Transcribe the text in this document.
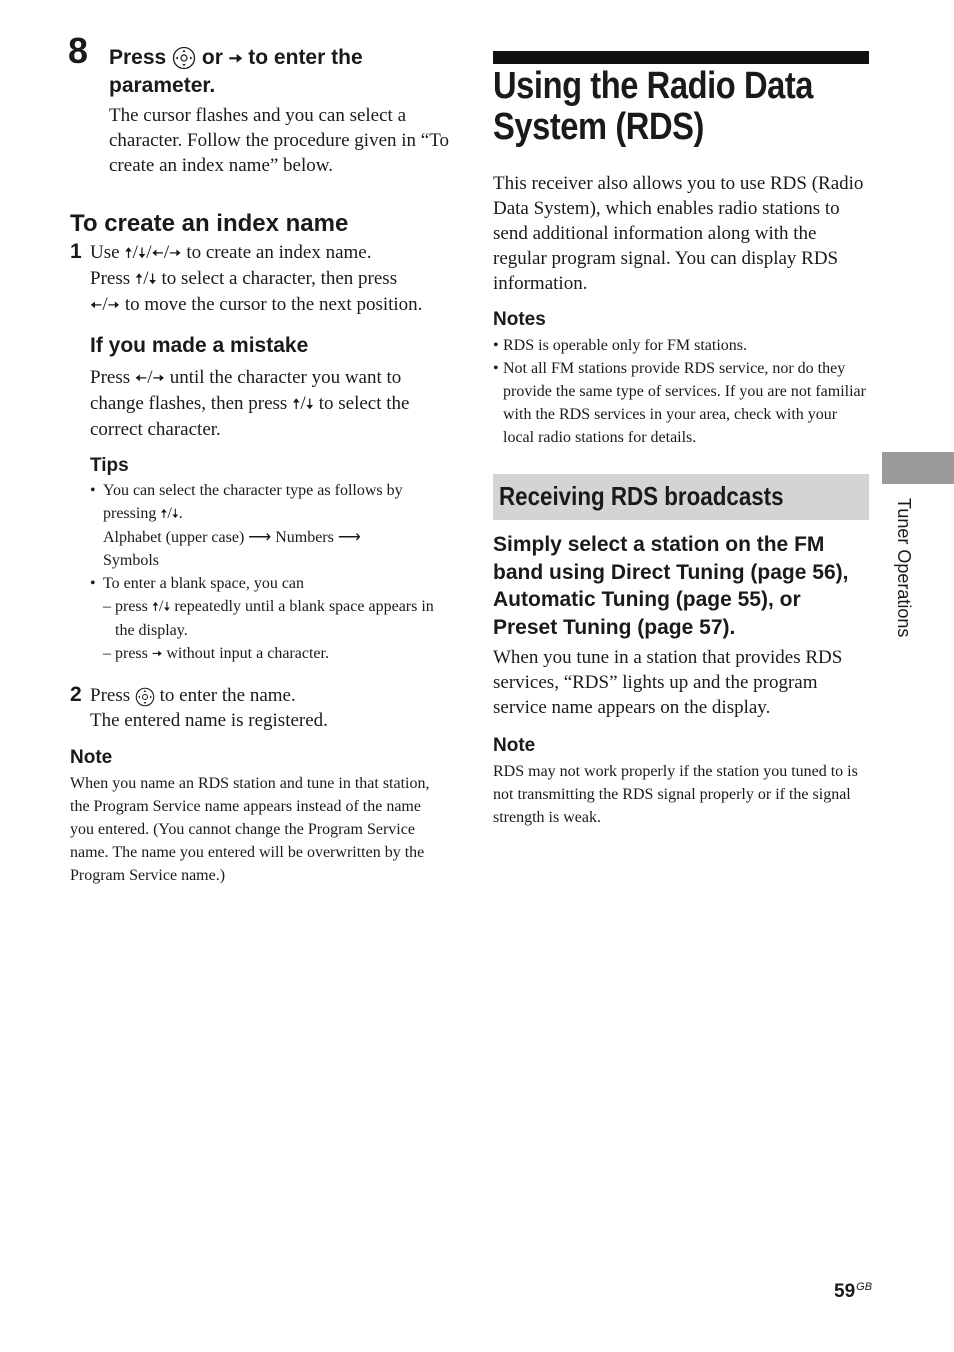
8 Press or 🠆 to enter the parameter.
The cursor flashes and you can select a character. Follow the procedure given in “To create an index name” below.
To create an index name
1 Use 🠅/🠇/🠄/🠆 to create an index name.
Press 🠅/🠇 to select a character, then press
🠄/🠆 to move the cursor to the next position.
If you made a mistake
Press 🠄/🠆 until the character you want to change flashes, then press 🠅/🠇 to select the correct character.
Tips
• You can select the character type as follows by pressing 🠅/🠇.
Alphabet (upper case) ⟶ Numbers ⟶
Symbols
• To enter a blank space, you can
– press 🠅/🠇 repeatedly until a blank space appears in the display.
– press 🠆 without input a character.
2 Press to enter the name.
The entered name is registered.
Note
When you name an RDS station and tune in that station, the Program Service name appears instead of the name you entered. (You cannot change the Program Service name. The name you entered will be overwritten by the Program Service name.)
Using the Radio Data System (RDS)
This receiver also allows you to use RDS (Radio Data System), which enables radio stations to send additional information along with the regular program signal. You can display RDS information.
Notes
• RDS is operable only for FM stations.
• Not all FM stations provide RDS service, nor do they provide the same type of services. If you are not familiar with the RDS services in your area, check with your local radio stations for details.
Receiving RDS broadcasts
Simply select a station on the FM band using Direct Tuning (page 56), Automatic Tuning (page 55), or Preset Tuning (page 57).
When you tune in a station that provides RDS services, “RDS” lights up and the program service name appears on the display.
Note
RDS may not work properly if the station you tuned to is not transmitting the RDS signal properly or if the signal strength is weak.
Tuner Operations
$59^{GB}$
